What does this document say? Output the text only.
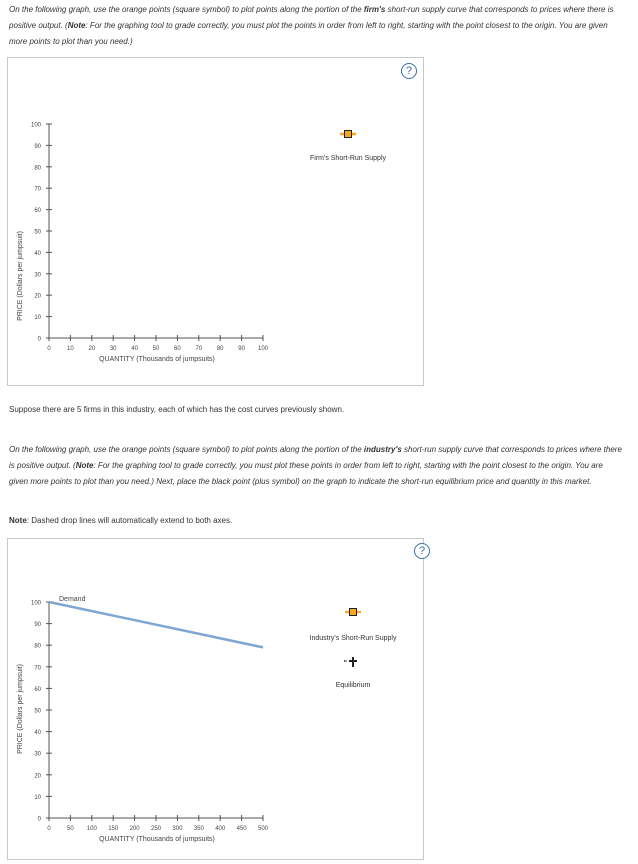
On the following graph, use the orange points (square symbol) to plot points along the portion of the firm's short-run supply curve that corresponds to prices where there is positive output. (Note: For the graphing tool to grade correctly, you must plot the points in order from left to right, starting with the point closest to the origin. You are given more points to plot than you need.)
?
0
10
20
30
40
50
60
70
80
90
100
0	10 20 30 40 50 60 70 80 90 100
PRICE (Dollars per jumpsuit)
QUANTITY (Thousands of jumpsuits)
Firm's Short-Run Supply
Suppose there are 5 firms in this industry, each of which has the cost curves previously shown.
On the following graph, use the orange points (square symbol) to plot points along the portion of the industry's short-run supply curve that corresponds to prices where there is positive output. (Note: For the graphing tool to grade correctly, you must plot these points in order from left to right, starting with the point closest to the origin. You are given more points to plot than you need.) Next, place the black point (plus symbol) on the graph to indicate the short-run equilibrium price and quantity in this market.
Note: Dashed drop lines will automatically extend to both axes.
?
0
10
20
30
40
50
60
70
80
90
100
0	50 100 150 200 250 300 350 400 450 500
Demand
PRICE (Dollars per jumpsuit)
QUANTITY (Thousands of jumpsuits)
Industry's Short-Run Supply
Equilibrium
